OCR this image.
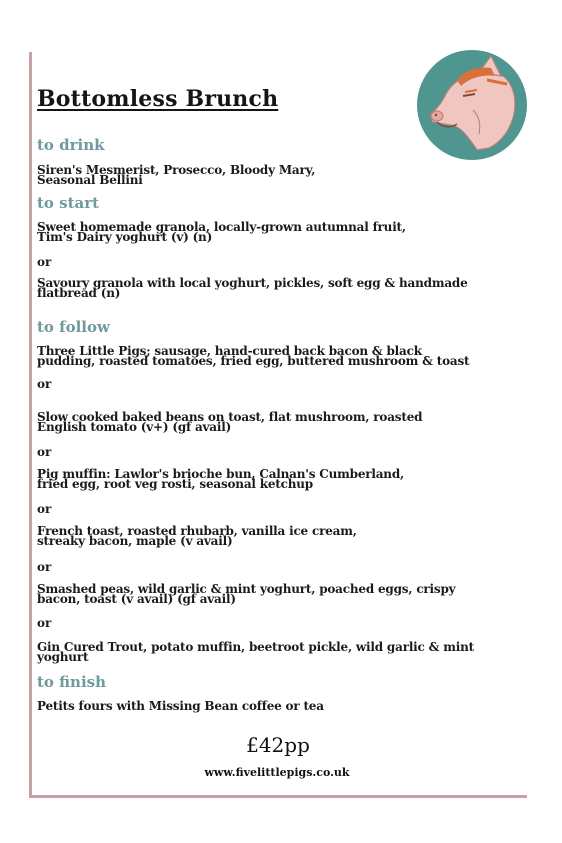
Bottomless Brunch
to drink
Siren's Mesmerist, Prosecco, Bloody Mary,
Seasonal Bellini
to start
Sweet homemade granola, locally-grown autumnal fruit,
Tim's Dairy yoghurt (v) (n)

or

Savoury granola with local yoghurt, pickles, soft egg & handmade
flatbread (n)
to follow
Three Little Pigs; sausage, hand-cured back bacon & black
pudding, roasted tomatoes, fried egg, buttered mushroom & toast

or

Slow cooked baked beans on toast, flat mushroom, roasted
English tomato (v+) (gf avail)

or

Pig muffin: Lawlor's brioche bun, Calnan's Cumberland,
fried egg, root veg rosti, seasonal ketchup

or

French toast, roasted rhubarb, vanilla ice cream,
streaky bacon, maple (v avail)

or

Smashed peas, wild garlic & mint yoghurt, poached eggs, crispy
bacon, toast (v avail) (gf avail)

or

Gin Cured Trout, potato muffin, beetroot pickle, wild garlic & mint
yoghurt
to finish
Petits fours with Missing Bean coffee or tea

£42pp

www.fivelittlepigs.co.uk
